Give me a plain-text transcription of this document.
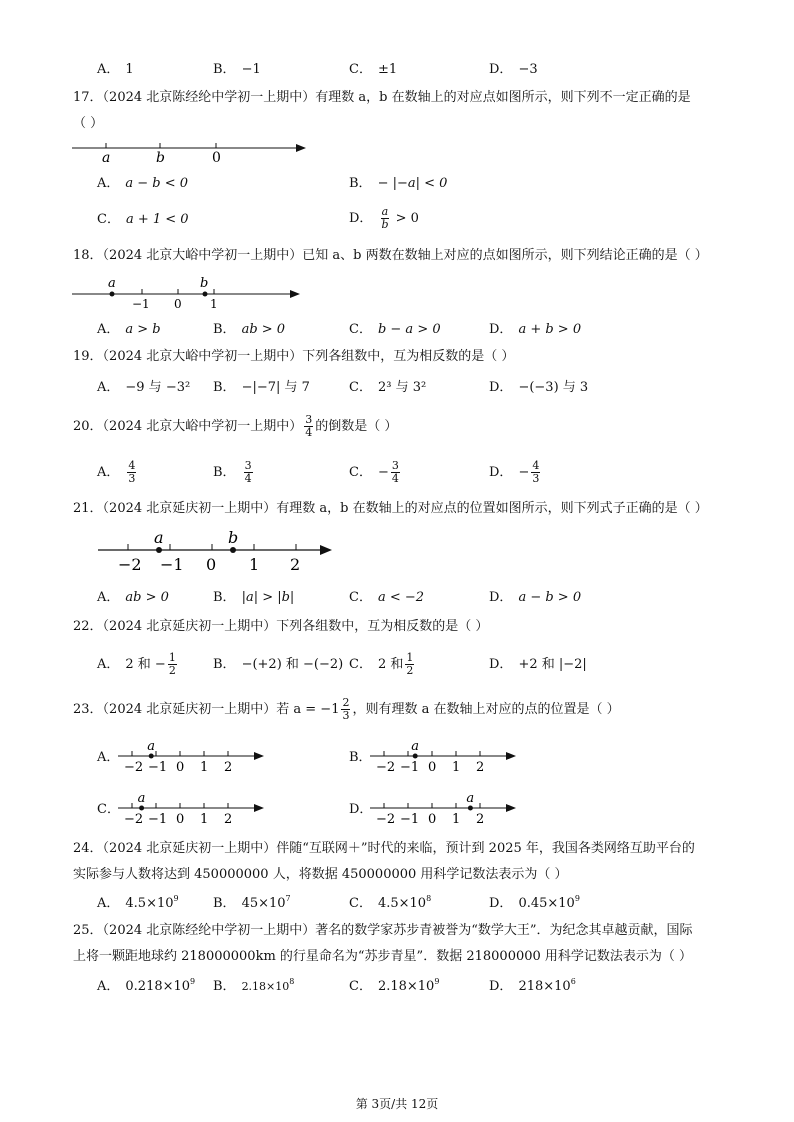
A． 1	B． −1	C． ±1	D． −3
17．（2024 北京陈经纶中学初一上期中）有理数 a，b 在数轴上的对应点如图所示，则下列不一定正确的是
（ ）
a	b	0
A． a − b < 0	B． − |−a| < 0
C． a + 1 < 0	D． $\frac{a}{b} > 0$
18．（2024 北京大峪中学初一上期中）已知 a、b 两数在数轴上对应的点如图所示，则下列结论正确的是（ ）
a	b
−1 0 1
A． a > b	B． ab > 0	C． b − a > 0	D． a + b > 0
19．（2024 北京大峪中学初一上期中）下列各组数中，互为相反数的是（ ）
A． −9 与 −3² B． −|−7| 与 7	C． 2³ 与 3²	D． −(−3) 与 3
20．（2024 北京大峪中学初一上期中） $\frac{3}{4}$ 的倒数是（ ）
A． $\frac{4}{3}$	B． $\frac{3}{4}$	C． − $\frac{3}{4}$	D． − $\frac{4}{3}$
21．（2024 北京延庆初一上期中）有理数 a，b 在数轴上的对应点的位置如图所示，则下列式子正确的是（ ）
a	b
−2 −1 0 1 2
A． ab > 0	B． |a| > |b|	C． a < −2	D． a − b > 0
22．（2024 北京延庆初一上期中）下列各组数中，互为相反数的是（ ）
A． 2 和 − $\frac{1}{2}$	B． −(+2) 和 −(−2) C． 2 和 $\frac{1}{2}$	D． +2 和 |−2|
23．（2024 北京延庆初一上期中）若 $a = -1 \frac{2}{3}$ ，则有理数 a 在数轴上对应的点的位置是（ ）
A．	B．
C．	D．
−2 −1 0 1 2
a
−2 −1 0 1 2
a
−2 −1 0 1 2
a
−2 −1 0 1 2
a
24．（2024 北京延庆初一上期中）伴随“互联网＋”时代的来临，预计到 2025 年，我国各类网络互助平台的
实际参与人数将达到 450000000 人，将数据 450000000 用科学记数法表示为（ ）
A． $4.5\times 10^9$	B． $45\times 10^7$	C． $4.5\times 10^8$	D． $0.45\times 10^9$
25．（2024 北京陈经纶中学初一上期中）著名的数学家苏步青被誉为“数学大王”．为纪念其卓越贡献，国际
上将一颗距地球约 218000000km 的行星命名为“苏步青星”．数据 218000000 用科学记数法表示为（ ）
A． $0.218\times 10^9$ B． $2.18\times 10^8$	C． $2.18\times 10^9$	D． $218\times 10^6$
第 3页/共 12页
